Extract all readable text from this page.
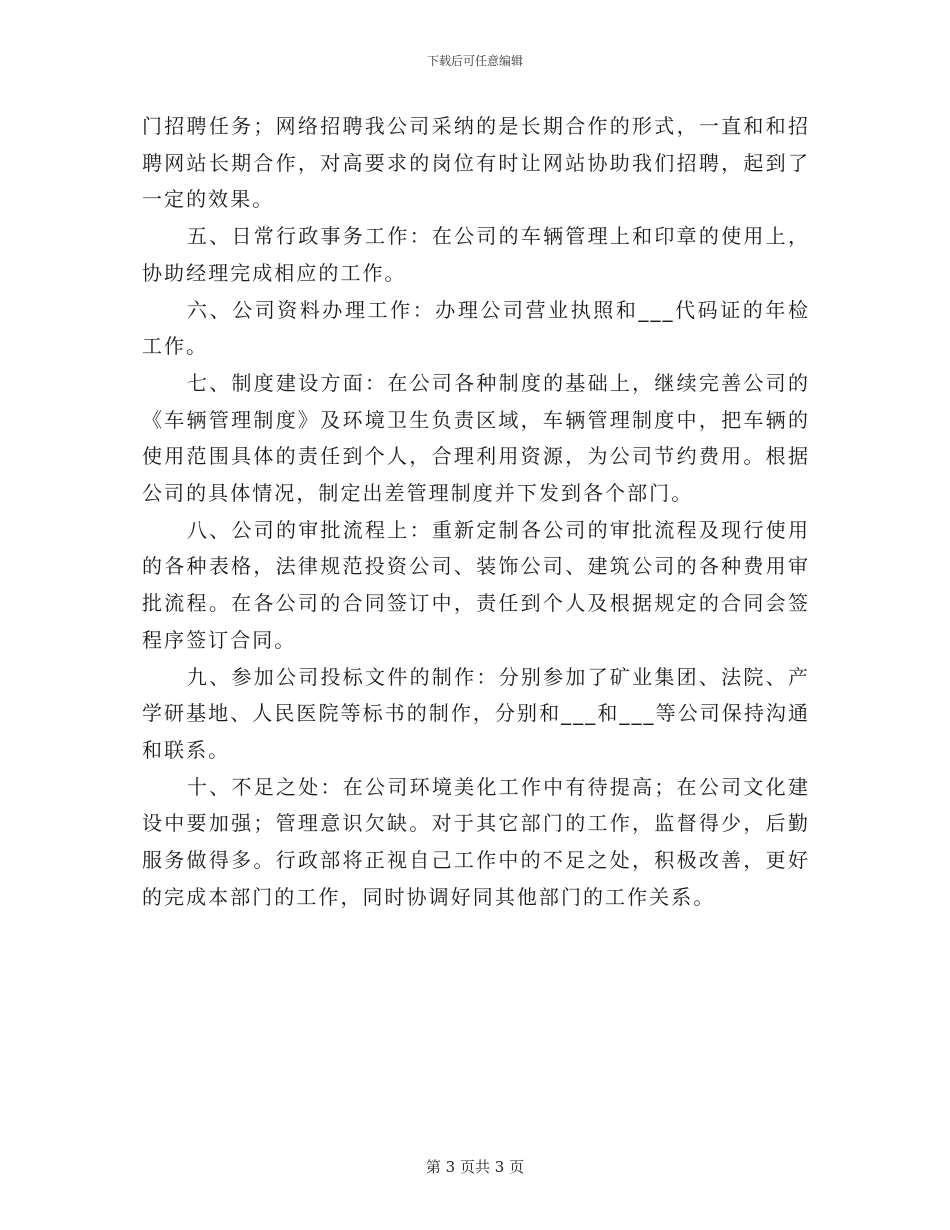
下载后可任意编辑

门招聘任务；网络招聘我公司采纳的是长期合作的形式，一直和和招聘网站长期合作，对高要求的岗位有时让网站协助我们招聘，起到了一定的效果。

五、日常行政事务工作：在公司的车辆管理上和印章的使用上，协助经理完成相应的工作。

六、公司资料办理工作：办理公司营业执照和___代码证的年检工作。

七、制度建设方面：在公司各种制度的基础上，继续完善公司的《车辆管理制度》及环境卫生负责区域，车辆管理制度中，把车辆的使用范围具体的责任到个人，合理利用资源，为公司节约费用。根据公司的具体情况，制定出差管理制度并下发到各个部门。

八、公司的审批流程上：重新定制各公司的审批流程及现行使用的各种表格，法律规范投资公司、装饰公司、建筑公司的各种费用审批流程。在各公司的合同签订中，责任到个人及根据规定的合同会签程序签订合同。

九、参加公司投标文件的制作：分别参加了矿业集团、法院、产学研基地、人民医院等标书的制作，分别和___和___等公司保持沟通和联系。

十、不足之处：在公司环境美化工作中有待提高；在公司文化建设中要加强；管理意识欠缺。对于其它部门的工作，监督得少，后勤服务做得多。行政部将正视自己工作中的不足之处，积极改善，更好的完成本部门的工作，同时协调好同其他部门的工作关系。

第 3 页共 3 页
